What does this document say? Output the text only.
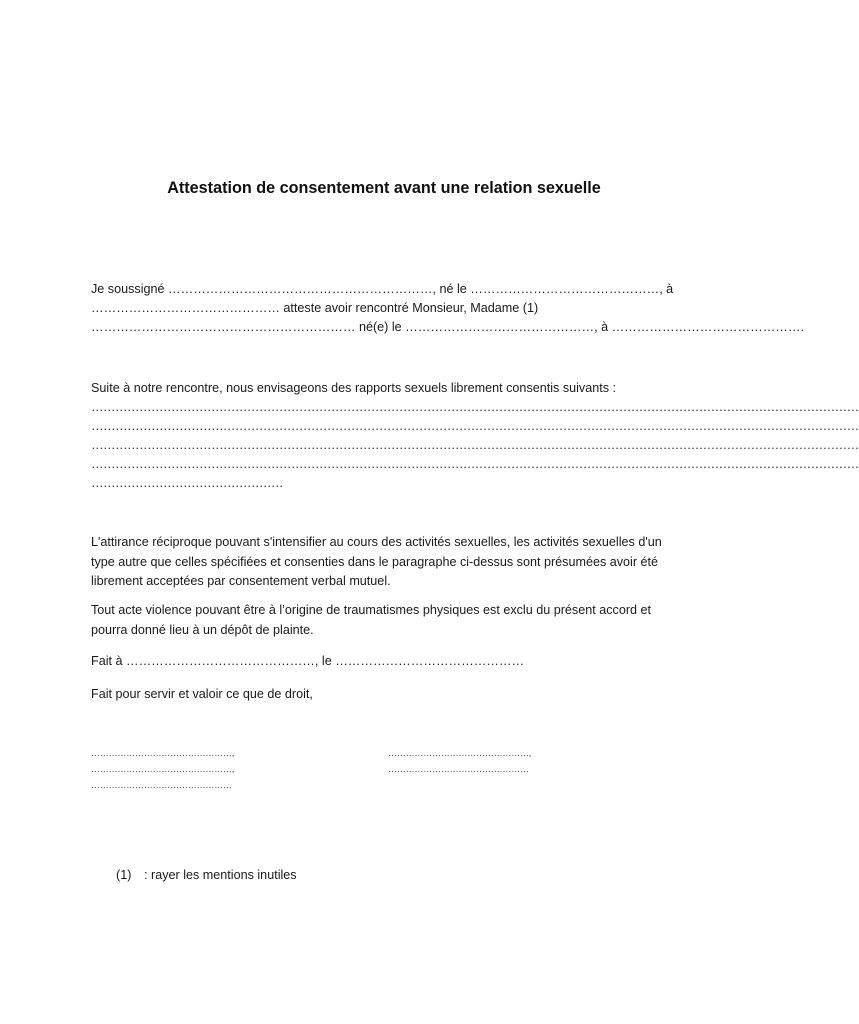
Attestation de consentement avant une relation sexuelle
Je soussigné ………………………………………………………, né le ………………………………………, à
……………………………………… atteste avoir rencontré Monsieur, Madame (1)
……………………………………………………… né(e) le ………………………………………, à ……………………………………….
Suite à notre rencontre, nous envisageons des rapports sexuels librement consentis suivants :
…………………………………………………………………………………………………………………………………………………………………………
…………………………………………………………………………………………………………………………………………………………………………
…………………………………………………………………………………………………………………………………………………………………………
…………………………………………………………………………………………………………………………………………………………………………
…………………………………………
L'attirance réciproque pouvant s'intensifier au cours des activités sexuelles, les activités sexuelles d'un type autre que celles spécifiées et consenties dans le paragraphe ci-dessus sont présumées avoir été librement acceptées par consentement verbal mutuel.
Tout acte violence pouvant être à l’origine de traumatismes physiques est exclu du présent accord et pourra donné lieu à un dépôt de plainte.
Fait à ………………………………………, le ………………………………………
Fait pour servir et valoir ce que de droit,
…………………………………………,
…………………………………………,
…………………………………………
…………………………………………,
…………………………………………
(1) : rayer les mentions inutiles
